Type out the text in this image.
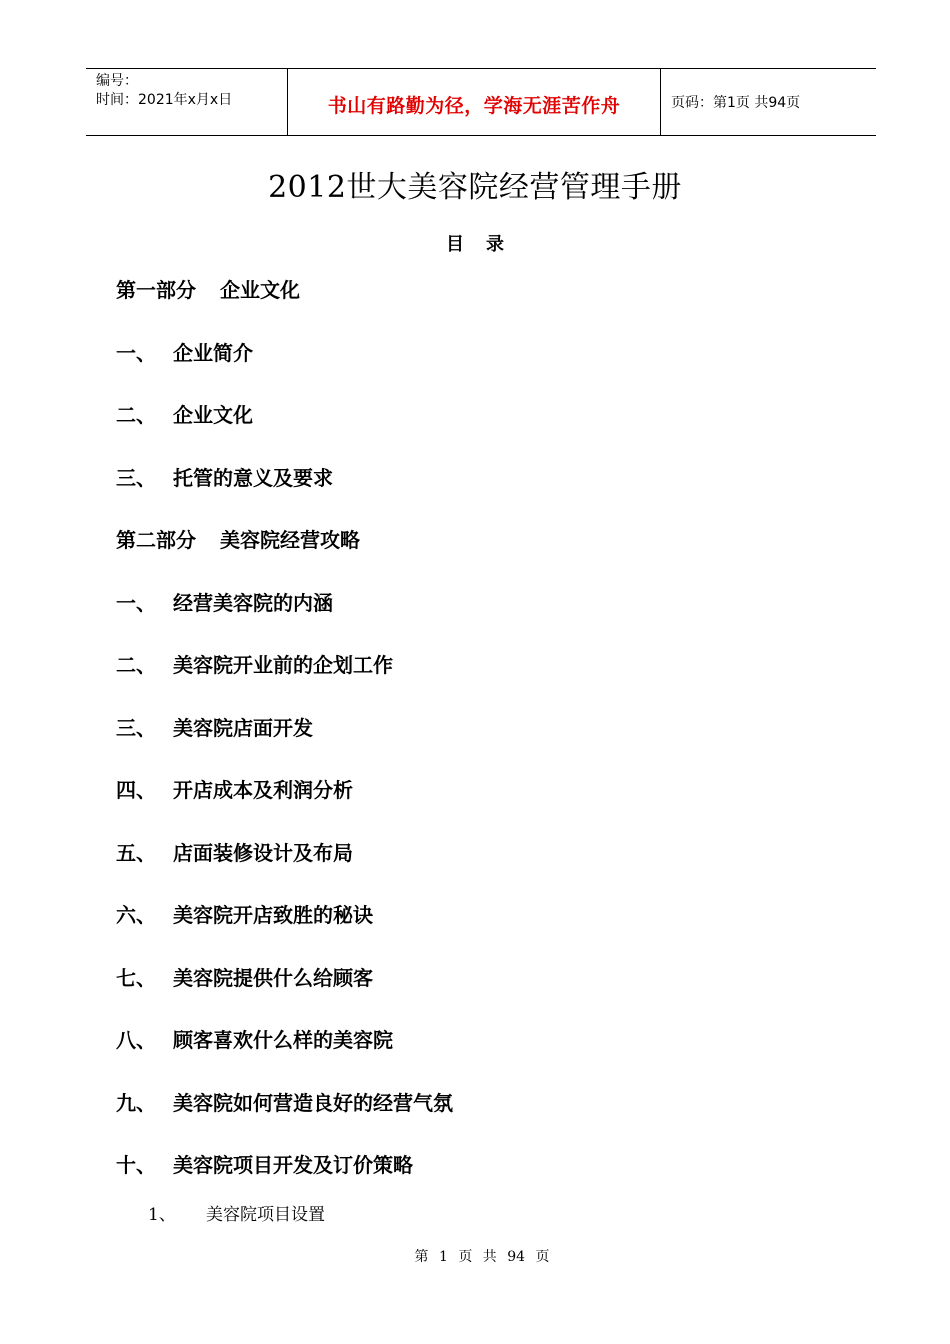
编号：
时间：2021年x月x日	书山有路勤为径，学海无涯苦作舟	页码：第1页 共94页
2012世大美容院经营管理手册
目录
第一部分 企业文化
一、 企业简介
二、 企业文化
三、 托管的意义及要求
第二部分 美容院经营攻略
一、 经营美容院的内涵
二、 美容院开业前的企划工作
三、 美容院店面开发
四、 开店成本及利润分析
五、 店面装修设计及布局
六、 美容院开店致胜的秘诀
七、 美容院提供什么给顾客
八、 顾客喜欢什么样的美容院
九、 美容院如何营造良好的经营气氛
十、 美容院项目开发及订价策略
1、 美容院项目设置
第 1 页 共 94 页
